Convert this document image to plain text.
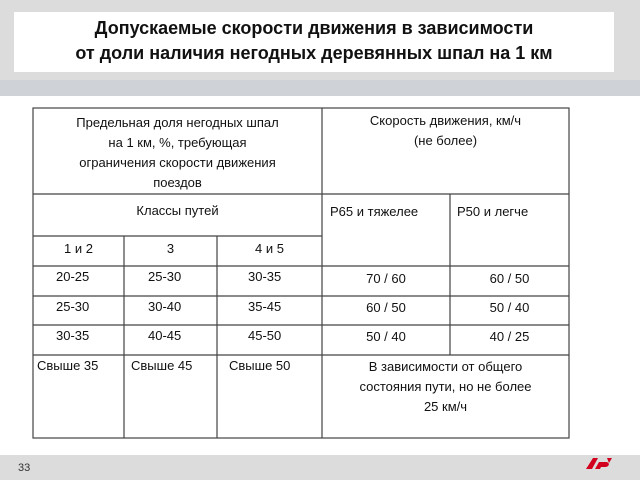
Допускаемые скорости движения в зависимости
от доли наличия негодных деревянных шпал на 1 км
Предельная доля негодных шпал
на 1 км, %, требующая
ограничения скорости движения
поездов
Скорость движения, км/ч
(не более)
Классы путей	Р65 и тяжелее	Р50 и легче
1 и 2	3	4 и 5
20-25	25-30	30-35	70 / 60	60 / 50
25-30	30-40	35-45	60 / 50	50 / 40
30-35	40-45	45-50	50 / 40	40 / 25
Свыше 35	Свыше 45	Свыше 50	В зависимости от общего
состояния пути, но не более
25 км/ч
33
